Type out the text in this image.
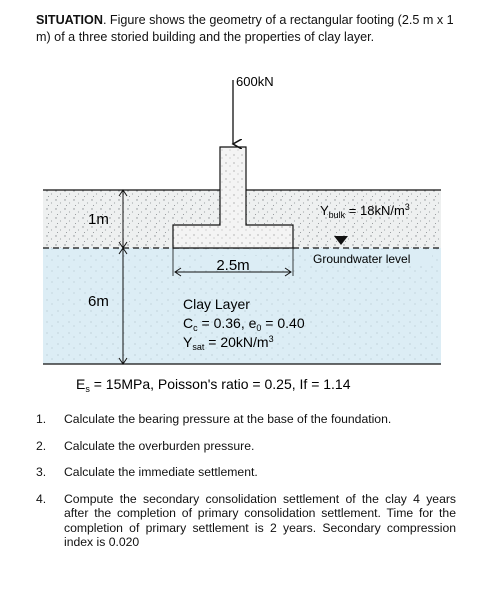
SITUATION. Figure shows the geometry of a rectangular footing (2.5 m x 1 m) of a three storied building and the properties of clay layer.
600kN
1m
6m
2.5m
$Y_{bulk} = 18kN/m^3$
Groundwater level
Clay Layer
$C_c = 0.36$, $e_0 = 0.40$
$Y_{sat} = 20kN/m^3$
$E_s = 15MPa$, Poisson's ratio = 0.25, If = 1.14
1. Calculate the bearing pressure at the base of the foundation.
2. Calculate the overburden pressure.
3. Calculate the immediate settlement.
4. Compute the secondary consolidation settlement of the clay 4 years after the completion of primary consolidation settlement. Time for the completion of primary settlement is 2 years. Secondary compression index is 0.020
